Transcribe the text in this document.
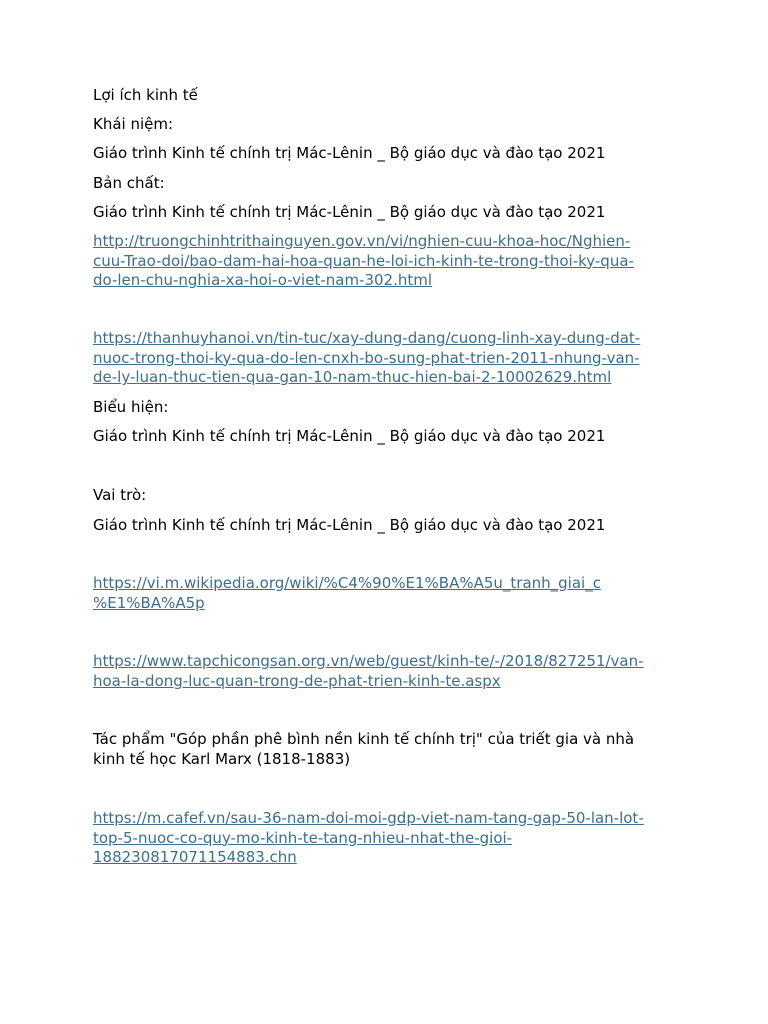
Lợi ích kinh tế

Khái niệm:

Giáo trình Kinh tế chính trị Mác-Lênin _ Bộ giáo dục và đào tạo 2021

Bản chất:

Giáo trình Kinh tế chính trị Mác-Lênin _ Bộ giáo dục và đào tạo 2021

http://truongchinhtrithainguyen.gov.vn/vi/nghien-cuu-khoa-hoc/Nghien-
cuu-Trao-doi/bao-dam-hai-hoa-quan-he-loi-ich-kinh-te-trong-thoi-ky-qua-
do-len-chu-nghia-xa-hoi-o-viet-nam-302.html
https://thanhuyhanoi.vn/tin-tuc/xay-dung-dang/cuong-linh-xay-dung-dat-
nuoc-trong-thoi-ky-qua-do-len-cnxh-bo-sung-phat-trien-2011-nhung-van-
de-ly-luan-thuc-tien-qua-gan-10-nam-thuc-hien-bai-2-10002629.html

Biểu hiện:

Giáo trình Kinh tế chính trị Mác-Lênin _ Bộ giáo dục và đào tạo 2021

Vai trò:

Giáo trình Kinh tế chính trị Mác-Lênin _ Bộ giáo dục và đào tạo 2021

https://vi.m.wikipedia.org/wiki/%C4%90%E1%BA%A5u_tranh_giai_c
%E1%BA%A5p
https://www.tapchicongsan.org.vn/web/guest/kinh-te/-/2018/827251/van-
hoa-la-dong-luc-quan-trong-de-phat-trien-kinh-te.aspx
Tác phẩm "Góp phần phê bình nền kinh tế chính trị" của triết gia và nhà
kinh tế học Karl Marx (1818-1883)
https://m.cafef.vn/sau-36-nam-doi-moi-gdp-viet-nam-tang-gap-50-lan-lot-
top-5-nuoc-co-quy-mo-kinh-te-tang-nhieu-nhat-the-gioi-
188230817071154883.chn
